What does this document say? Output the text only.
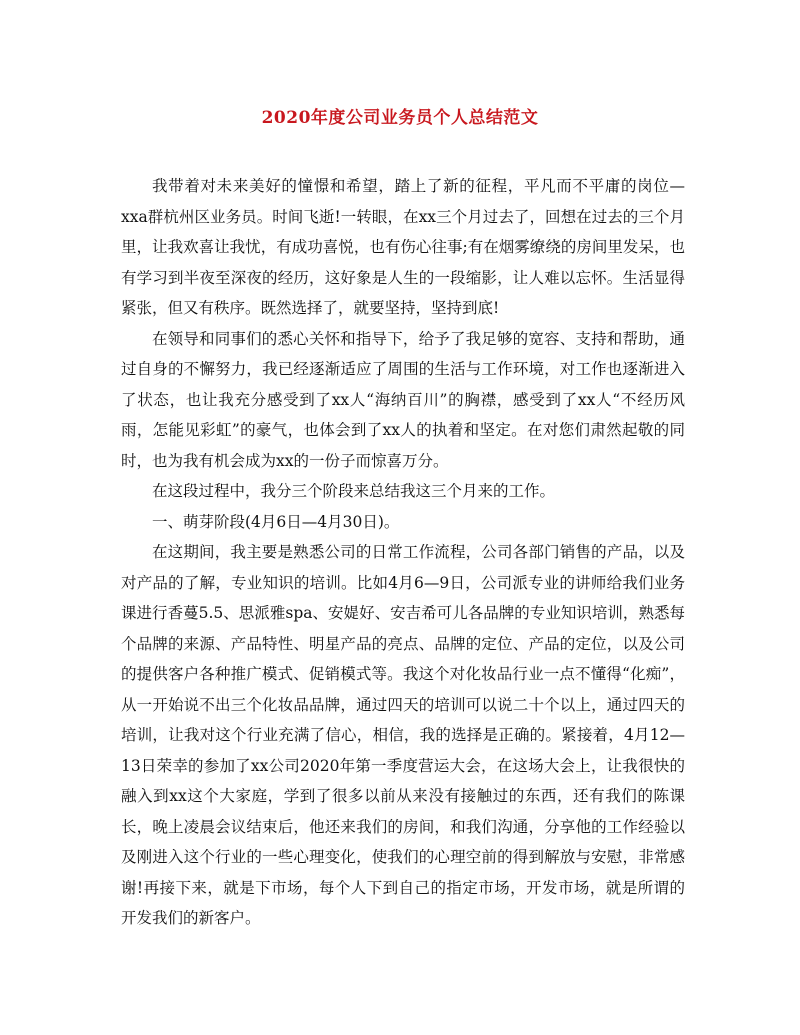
2020年度公司业务员个人总结范文

我带着对未来美好的憧憬和希望，踏上了新的征程，平凡而不平庸的岗位—xxa群杭州区业务员。时间飞逝!一转眼，在xx三个月过去了，回想在过去的三个月里，让我欢喜让我忧，有成功喜悦，也有伤心往事;有在烟雾缭绕的房间里发呆，也有学习到半夜至深夜的经历，这好象是人生的一段缩影，让人难以忘怀。生活显得紧张，但又有秩序。既然选择了，就要坚持，坚持到底!

在领导和同事们的悉心关怀和指导下，给予了我足够的宽容、支持和帮助，通过自身的不懈努力，我已经逐渐适应了周围的生活与工作环境，对工作也逐渐进入了状态，也让我充分感受到了xx人“海纳百川”的胸襟，感受到了xx人“不经历风雨，怎能见彩虹”的豪气，也体会到了xx人的执着和坚定。在对您们肃然起敬的同时，也为我有机会成为xx的一份子而惊喜万分。

在这段过程中，我分三个阶段来总结我这三个月来的工作。

一、萌芽阶段(4月6日—4月30日)。

在这期间，我主要是熟悉公司的日常工作流程，公司各部门销售的产品，以及对产品的了解，专业知识的培训。比如4月6—9日，公司派专业的讲师给我们业务课进行香蔓5.5、思派雅spa、安媞好、安吉希可儿各品牌的专业知识培训，熟悉每个品牌的来源、产品特性、明星产品的亮点、品牌的定位、产品的定位，以及公司的提供客户各种推广模式、促销模式等。我这个对化妆品行业一点不懂得“化痴”，从一开始说不出三个化妆品品牌，通过四天的培训可以说二十个以上，通过四天的培训，让我对这个行业充满了信心，相信，我的选择是正确的。紧接着，4月12—13日荣幸的参加了xx公司2020年第一季度营运大会，在这场大会上，让我很快的融入到xx这个大家庭，学到了很多以前从来没有接触过的东西，还有我们的陈课长，晚上凌晨会议结束后，他还来我们的房间，和我们沟通，分享他的工作经验以及刚进入这个行业的一些心理变化，使我们的心理空前的得到解放与安慰，非常感谢!再接下来，就是下市场，每个人下到自己的指定市场，开发市场，就是所谓的开发我们的新客户。
